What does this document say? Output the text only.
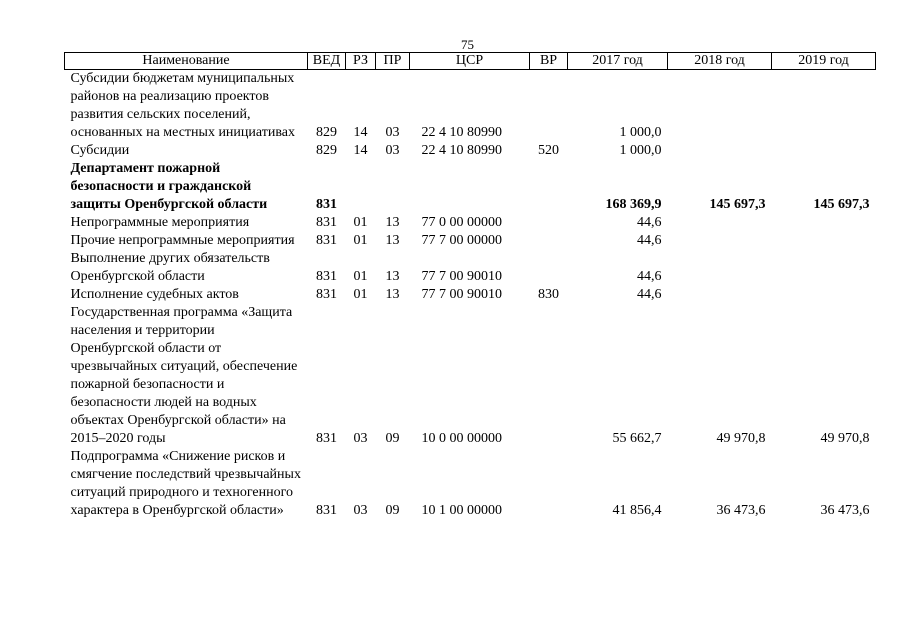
75
Наименование	ВЕД	РЗ	ПР	ЦСР	ВР	2017 год	2018 год	2019 год
Субсидии бюджетам муниципальных районов на реализацию проектов развития сельских поселений, основанных на местных инициативах	829	14	03	22 4 10 80990		1 000,0		
Субсидии	829	14	03	22 4 10 80990	520	1 000,0		
Департамент пожарной безопасности и гражданской защиты Оренбургской области	831					168 369,9	145 697,3	145 697,3
Непрограммные мероприятия	831	01	13	77 0 00 00000		44,6		
Прочие непрограммные мероприятия	831	01	13	77 7 00 00000		44,6		
Выполнение других обязательств Оренбургской области	831	01	13	77 7 00 90010		44,6		
Исполнение судебных актов	831	01	13	77 7 00 90010	830	44,6		
Государственная программа «Защита населения и территории Оренбургской области от чрезвычайных ситуаций, обеспечение пожарной безопасности и безопасности людей на водных объектах Оренбургской области» на 2015–2020 годы	831	03	09	10 0 00 00000		55 662,7	49 970,8	49 970,8
Подпрограмма «Снижение рисков и смягчение последствий чрезвычайных ситуаций природного и техногенного характера в Оренбургской области»	831	03	09	10 1 00 00000		41 856,4	36 473,6	36 473,6
